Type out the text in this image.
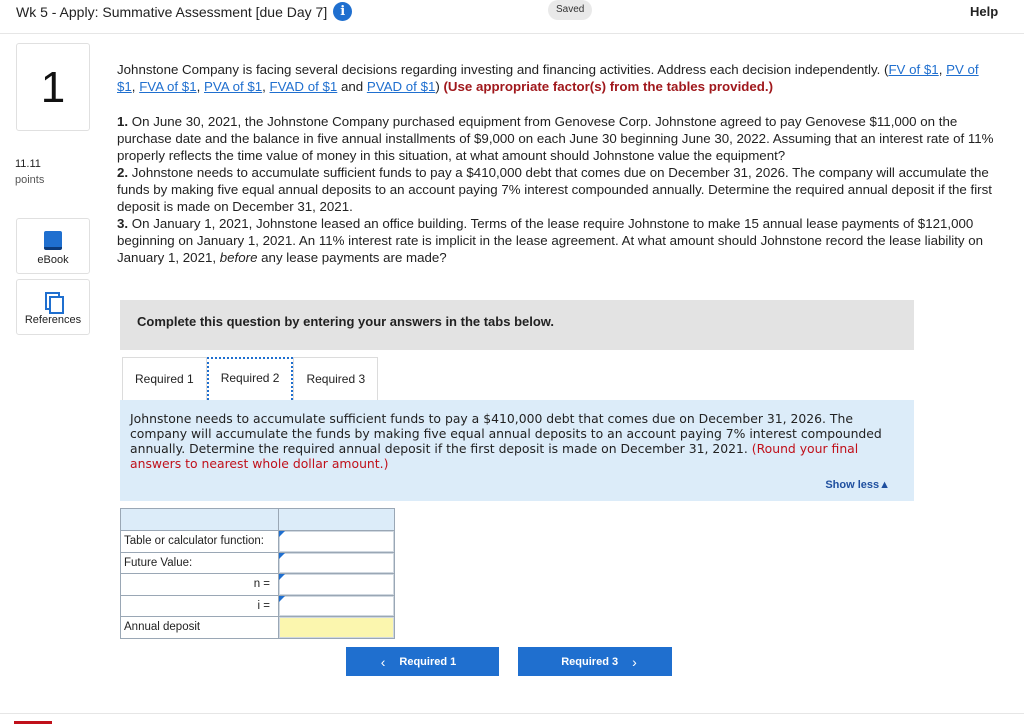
Wk 5 - Apply: Summative Assessment [due Day 7]	i	Saved	Help
1
11.11
points
eBook
References
Johnstone Company is facing several decisions regarding investing and financing activities. Address each decision independently. (FV of $1, PV of $1, FVA of $1, PVA of $1, FVAD of $1 and PVAD of $1) (Use appropriate factor(s) from the tables provided.)
1. On June 30, 2021, the Johnstone Company purchased equipment from Genovese Corp. Johnstone agreed to pay Genovese $11,000 on the purchase date and the balance in five annual installments of $9,000 on each June 30 beginning June 30, 2022. Assuming that an interest rate of 11% properly reflects the time value of money in this situation, at what amount should Johnstone value the equipment?
2. Johnstone needs to accumulate sufficient funds to pay a $410,000 debt that comes due on December 31, 2026. The company will accumulate the funds by making five equal annual deposits to an account paying 7% interest compounded annually. Determine the required annual deposit if the first deposit is made on December 31, 2021.
3. On January 1, 2021, Johnstone leased an office building. Terms of the lease require Johnstone to make 15 annual lease payments of $121,000 beginning on January 1, 2021. An 11% interest rate is implicit in the lease agreement. At what amount should Johnstone record the lease liability on January 1, 2021, before any lease payments are made?
Complete this question by entering your answers in the tabs below.
Required 1	Required 2	Required 3
Johnstone needs to accumulate sufficient funds to pay a $410,000 debt that comes due on December 31, 2026. The company will accumulate the funds by making five equal annual deposits to an account paying 7% interest compounded annually. Determine the required annual deposit if the first deposit is made on December 31, 2021. (Round your final answers to nearest whole dollar amount.)
Show less▲

Table or calculator function:	

Future Value:	

n =	

i =	

Annual deposit	
‹ Required 1	Required 3 ›
